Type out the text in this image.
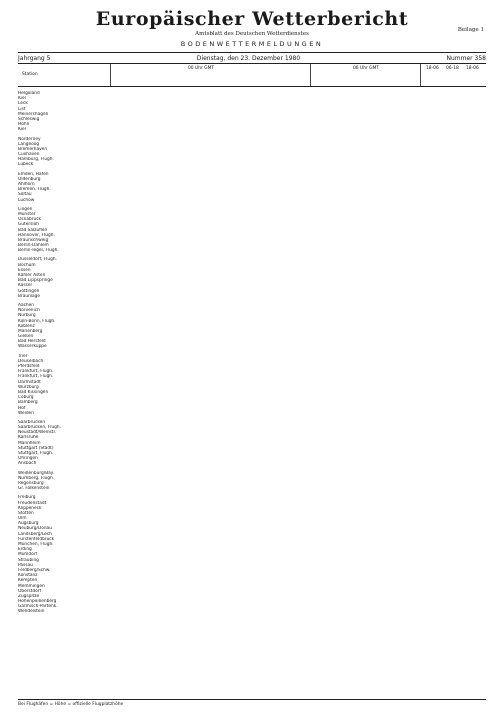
Europäischer Wetterbericht
Amtsblatt des Deutschen Wetterdienstes
BODENWETTERMELDUNGEN
Beilage 1
Jahrgang 5	Dienstag, den 23. Dezember 1980	Nummer 358
Station
00 Uhr GMT	06 Uhr GMT	18-06 06-18 18-06
Helgoland
Kiel
Leck
List
Meinershagen
Schleswig
Hohn
Kiel
Norderney
Langeoog
Bremerhaven
Cuxhaven
Hamburg, Flugh.
Lübeck
Emden, Hafen
Oldenburg
Ahlhorn
Bremen, Flugh.
Soltau
Lüchow
Lingen
Münster
Osnabrück
Gütersloh
Bad Salzuflen
Hannover, Flugh.
Braunschweig
Berlin-Dahlem
Berlin-Tegel, Flugh.
Düsseldorf, Flugh.
Bochum
Essen
Kahler Asten
Bad Lippspringe
Kassel
Göttingen
Braunlage
Aachen
Nörvenich
Nürburg
Köln-Bonn, Flugh.
Koblenz
Marienberg
Gießen
Bad Hersfeld
Wasserkuppe
Trier
Deuselbach
Pferdsfeld
Frankfurt, Flugh.
Frankfurt, Flugh.
Darmstadt
Würzburg
Bad Kissingen
Coburg
Bamberg
Hof
Weiden
Saarbrücken
Saarbrücken, Flugh.
Neustadt/Weinstr.
Karlsruhe
Mannheim
Stuttgart (Stadt)
Stuttgart, Flugh.
Öhringen
Ansbach
Weißenburg/Bay.
Nürnberg, Flugh.
Regensburg
Gr. Falkenstein
Freiburg
Freudenstadt
Klippeneck
Stötten
Ulm
Augsburg
Neuburg/Donau
Landsberg/Lech
Fürstenfeldbruck
München, Flugh.
Erding
Mühldorf
Straubing
Passau
Feldberg/Schw.
Konstanz
Kempten
Memmingen
Oberstdorf
Zugspitze
Hohenpeißenberg
Garmisch-Partenk.
Wendelstein
Bei Flughäfen = Höhe = offizielle Flugplatzhöhe
